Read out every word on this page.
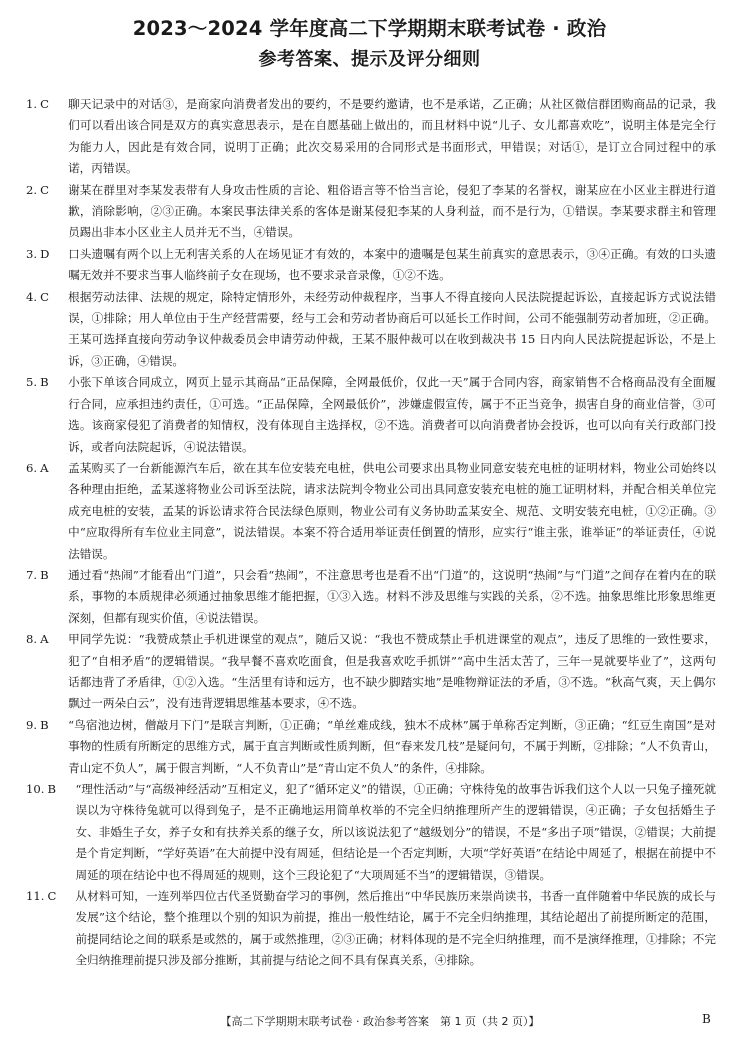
2023～2024 学年度高二下学期期末联考试卷 · 政治
参考答案、提示及评分细则
1. C	聊天记录中的对话③，是商家向消费者发出的要约，不是要约邀请，也不是承诺，乙正确；从社区微信群团购商品的记录，我们可以看出该合同是双方的真实意思表示，是在自愿基础上做出的，而且材料中说“儿子、女儿都喜欢吃”，说明主体是完全行为能力人，因此是有效合同，说明丁正确；此次交易采用的合同形式是书面形式，甲错误；对话①，是订立合同过程中的承诺，丙错误。
2. C	谢某在群里对李某发表带有人身攻击性质的言论、粗俗语言等不恰当言论，侵犯了李某的名誉权，谢某应在小区业主群进行道歉，消除影响，②③正确。本案民事法律关系的客体是谢某侵犯李某的人身利益，而不是行为，①错误。李某要求群主和管理员踢出非本小区业主人员并无不当，④错误。
3. D	口头遗嘱有两个以上无利害关系的人在场见证才有效的，本案中的遗嘱是包某生前真实的意思表示，③④正确。有效的口头遗嘱无效并不要求当事人临终前子女在现场，也不要求录音录像，①②不选。
4. C	根据劳动法律、法规的规定，除特定情形外，未经劳动仲裁程序，当事人不得直接向人民法院提起诉讼，直接起诉方式说法错误，①排除；用人单位由于生产经营需要，经与工会和劳动者协商后可以延长工作时间，公司不能强制劳动者加班，②正确。王某可选择直接向劳动争议仲裁委员会申请劳动仲裁，王某不服仲裁可以在收到裁决书 15 日内向人民法院提起诉讼，不是上诉，③正确，④错误。
5. B	小张下单该合同成立，网页上显示其商品“正品保障，全网最低价，仅此一天”属于合同内容，商家销售不合格商品没有全面履行合同，应承担违约责任，①可选。“正品保障，全网最低价”，涉嫌虚假宣传，属于不正当竞争，损害自身的商业信誉，③可选。该商家侵犯了消费者的知情权，没有体现自主选择权，②不选。消费者可以向消费者协会投诉，也可以向有关行政部门投诉，或者向法院起诉，④说法错误。
6. A	孟某购买了一台新能源汽车后，欲在其车位安装充电桩，供电公司要求出具物业同意安装充电桩的证明材料，物业公司始终以各种理由拒绝，孟某遂将物业公司诉至法院，请求法院判令物业公司出具同意安装充电桩的施工证明材料，并配合相关单位完成充电桩的安装，孟某的诉讼请求符合民法绿色原则，物业公司有义务协助孟某安全、规范、文明安装充电桩，①②正确。③中“应取得所有车位业主同意”，说法错误。本案不符合适用举证责任倒置的情形，应实行“谁主张，谁举证”的举证责任，④说法错误。
7. B	通过看“热闹”才能看出“门道”，只会看“热闹”，不注意思考也是看不出“门道”的，这说明“热闹”与“门道”之间存在着内在的联系，事物的本质规律必须通过抽象思维才能把握，①③入选。材料不涉及思维与实践的关系，②不选。抽象思维比形象思维更深刻，但都有现实价值，④说法错误。
8. A	甲同学先说：“我赞成禁止手机进课堂的观点”，随后又说：“我也不赞成禁止手机进课堂的观点”，违反了思维的一致性要求，犯了“自相矛盾”的逻辑错误。“我早餐不喜欢吃面食，但是我喜欢吃手抓饼”“高中生活太苦了，三年一晃就要毕业了”，这两句话都违背了矛盾律，①②入选。“生活里有诗和远方，也不缺少脚踏实地”是唯物辩证法的矛盾，③不选。“秋高气爽，天上偶尔飘过一两朵白云”，没有违背逻辑思维基本要求，④不选。
9. B	“鸟宿池边树，僧敲月下门”是联言判断，①正确；“单丝难成线，独木不成林”属于单称否定判断，③正确；“红豆生南国”是对事物的性质有所断定的思维方式，属于直言判断或性质判断，但“春来发几枝”是疑问句，不属于判断，②排除；“人不负青山，青山定不负人”，属于假言判断，“人不负青山”是“青山定不负人”的条件，④排除。
10. B	“理性活动”与“高级神经活动”互相定义，犯了“循环定义”的错误，①正确；守株待兔的故事告诉我们这个人以一只兔子撞死就误以为守株待兔就可以得到兔子，是不正确地运用简单枚举的不完全归纳推理所产生的逻辑错误，④正确；子女包括婚生子女、非婚生子女，养子女和有扶养关系的继子女，所以该说法犯了“越级划分”的错误，不是“多出子项”错误，②错误；大前提是个肯定判断，“学好英语”在大前提中没有周延，但结论是一个否定判断，大项“学好英语”在结论中周延了，根据在前提中不周延的项在结论中也不得周延的规则，这个三段论犯了“大项周延不当”的逻辑错误，③错误。
11. C	从材料可知，一连列举四位古代圣贤勤奋学习的事例，然后推出“中华民族历来崇尚读书，书香一直伴随着中华民族的成长与发展”这个结论，整个推理以个别的知识为前提，推出一般性结论，属于不完全归纳推理，其结论超出了前提所断定的范围，前提同结论之间的联系是或然的，属于或然推理，②③正确；材料体现的是不完全归纳推理，而不是演绎推理，①排除；不完全归纳推理前提只涉及部分推断，其前提与结论之间不具有保真关系，④排除。
【高二下学期期末联考试卷 · 政治参考答案　第 1 页（共 2 页）】	B
